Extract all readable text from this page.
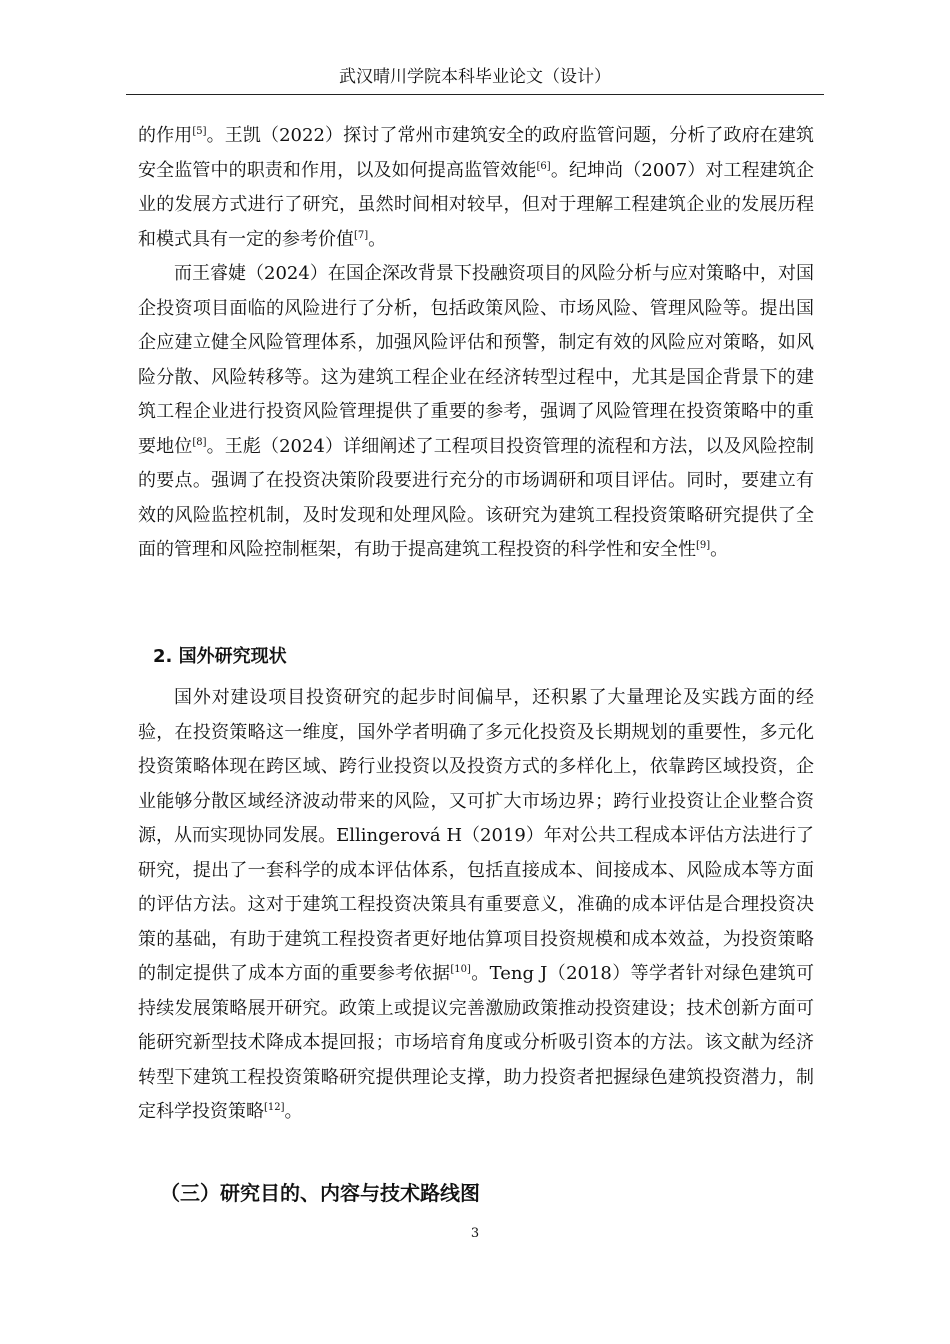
武汉晴川学院本科毕业论文（设计）

的作用[5]。王凯（2022）探讨了常州市建筑安全的政府监管问题，分析了政府在建筑安全监管中的职责和作用，以及如何提高监管效能[6]。纪坤尚（2007）对工程建筑企业的发展方式进行了研究，虽然时间相对较早，但对于理解工程建筑企业的发展历程和模式具有一定的参考价值[7]。

而王睿婕（2024）在国企深改背景下投融资项目的风险分析与应对策略中，对国企投资项目面临的风险进行了分析，包括政策风险、市场风险、管理风险等。提出国企应建立健全风险管理体系，加强风险评估和预警，制定有效的风险应对策略，如风险分散、风险转移等。这为建筑工程企业在经济转型过程中，尤其是国企背景下的建筑工程企业进行投资风险管理提供了重要的参考，强调了风险管理在投资策略中的重要地位[8]。王彪（2024）详细阐述了工程项目投资管理的流程和方法，以及风险控制的要点。强调了在投资决策阶段要进行充分的市场调研和项目评估。同时，要建立有效的风险监控机制，及时发现和处理风险。该研究为建筑工程投资策略研究提供了全面的管理和风险控制框架，有助于提高建筑工程投资的科学性和安全性[9]。

2. 国外研究现状

国外对建设项目投资研究的起步时间偏早，还积累了大量理论及实践方面的经验，在投资策略这一维度，国外学者明确了多元化投资及长期规划的重要性，多元化投资策略体现在跨区域、跨行业投资以及投资方式的多样化上，依靠跨区域投资，企业能够分散区域经济波动带来的风险，又可扩大市场边界；跨行业投资让企业整合资源，从而实现协同发展。Ellingerová H（2019）年对公共工程成本评估方法进行了研究，提出了一套科学的成本评估体系，包括直接成本、间接成本、风险成本等方面的评估方法。这对于建筑工程投资决策具有重要意义，准确的成本评估是合理投资决策的基础，有助于建筑工程投资者更好地估算项目投资规模和成本效益，为投资策略的制定提供了成本方面的重要参考依据[10]。Teng J（2018）等学者针对绿色建筑可持续发展策略展开研究。政策上或提议完善激励政策推动投资建设；技术创新方面可能研究新型技术降成本提回报；市场培育角度或分析吸引资本的方法。该文献为经济转型下建筑工程投资策略研究提供理论支撑，助力投资者把握绿色建筑投资潜力，制定科学投资策略[12]。

（三）研究目的、内容与技术路线图
3
